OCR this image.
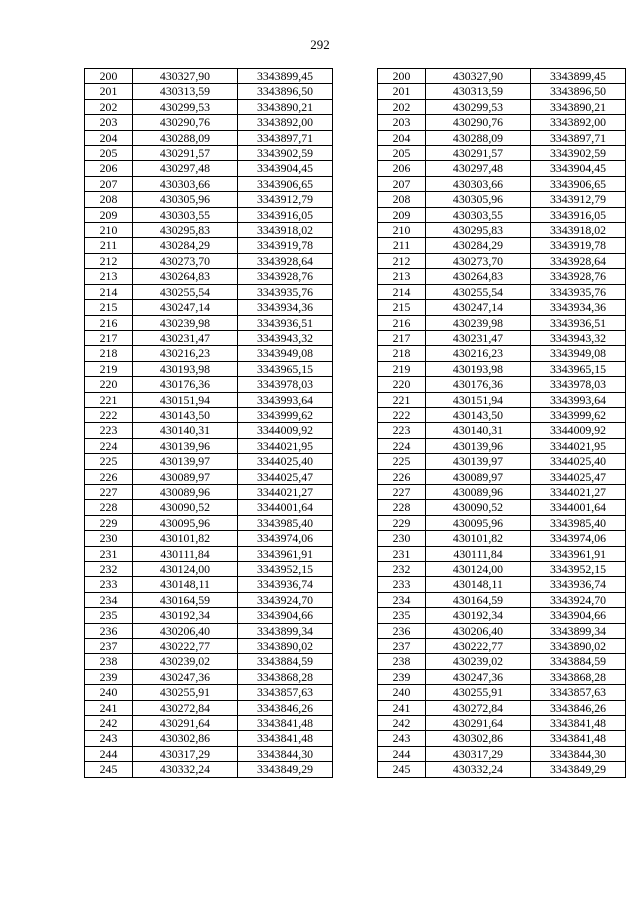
292
200	430327,90	3343899,45
201	430313,59	3343896,50
202	430299,53	3343890,21
203	430290,76	3343892,00
204	430288,09	3343897,71
205	430291,57	3343902,59
206	430297,48	3343904,45
207	430303,66	3343906,65
208	430305,96	3343912,79
209	430303,55	3343916,05
210	430295,83	3343918,02
211	430284,29	3343919,78
212	430273,70	3343928,64
213	430264,83	3343928,76
214	430255,54	3343935,76
215	430247,14	3343934,36
216	430239,98	3343936,51
217	430231,47	3343943,32
218	430216,23	3343949,08
219	430193,98	3343965,15
220	430176,36	3343978,03
221	430151,94	3343993,64
222	430143,50	3343999,62
223	430140,31	3344009,92
224	430139,96	3344021,95
225	430139,97	3344025,40
226	430089,97	3344025,47
227	430089,96	3344021,27
228	430090,52	3344001,64
229	430095,96	3343985,40
230	430101,82	3343974,06
231	430111,84	3343961,91
232	430124,00	3343952,15
233	430148,11	3343936,74
234	430164,59	3343924,70
235	430192,34	3343904,66
236	430206,40	3343899,34
237	430222,77	3343890,02
238	430239,02	3343884,59
239	430247,36	3343868,28
240	430255,91	3343857,63
241	430272,84	3343846,26
242	430291,64	3343841,48
243	430302,86	3343841,48
244	430317,29	3343844,30
245	430332,24	3343849,29
200	430327,90	3343899,45
201	430313,59	3343896,50
202	430299,53	3343890,21
203	430290,76	3343892,00
204	430288,09	3343897,71
205	430291,57	3343902,59
206	430297,48	3343904,45
207	430303,66	3343906,65
208	430305,96	3343912,79
209	430303,55	3343916,05
210	430295,83	3343918,02
211	430284,29	3343919,78
212	430273,70	3343928,64
213	430264,83	3343928,76
214	430255,54	3343935,76
215	430247,14	3343934,36
216	430239,98	3343936,51
217	430231,47	3343943,32
218	430216,23	3343949,08
219	430193,98	3343965,15
220	430176,36	3343978,03
221	430151,94	3343993,64
222	430143,50	3343999,62
223	430140,31	3344009,92
224	430139,96	3344021,95
225	430139,97	3344025,40
226	430089,97	3344025,47
227	430089,96	3344021,27
228	430090,52	3344001,64
229	430095,96	3343985,40
230	430101,82	3343974,06
231	430111,84	3343961,91
232	430124,00	3343952,15
233	430148,11	3343936,74
234	430164,59	3343924,70
235	430192,34	3343904,66
236	430206,40	3343899,34
237	430222,77	3343890,02
238	430239,02	3343884,59
239	430247,36	3343868,28
240	430255,91	3343857,63
241	430272,84	3343846,26
242	430291,64	3343841,48
243	430302,86	3343841,48
244	430317,29	3343844,30
245	430332,24	3343849,29
